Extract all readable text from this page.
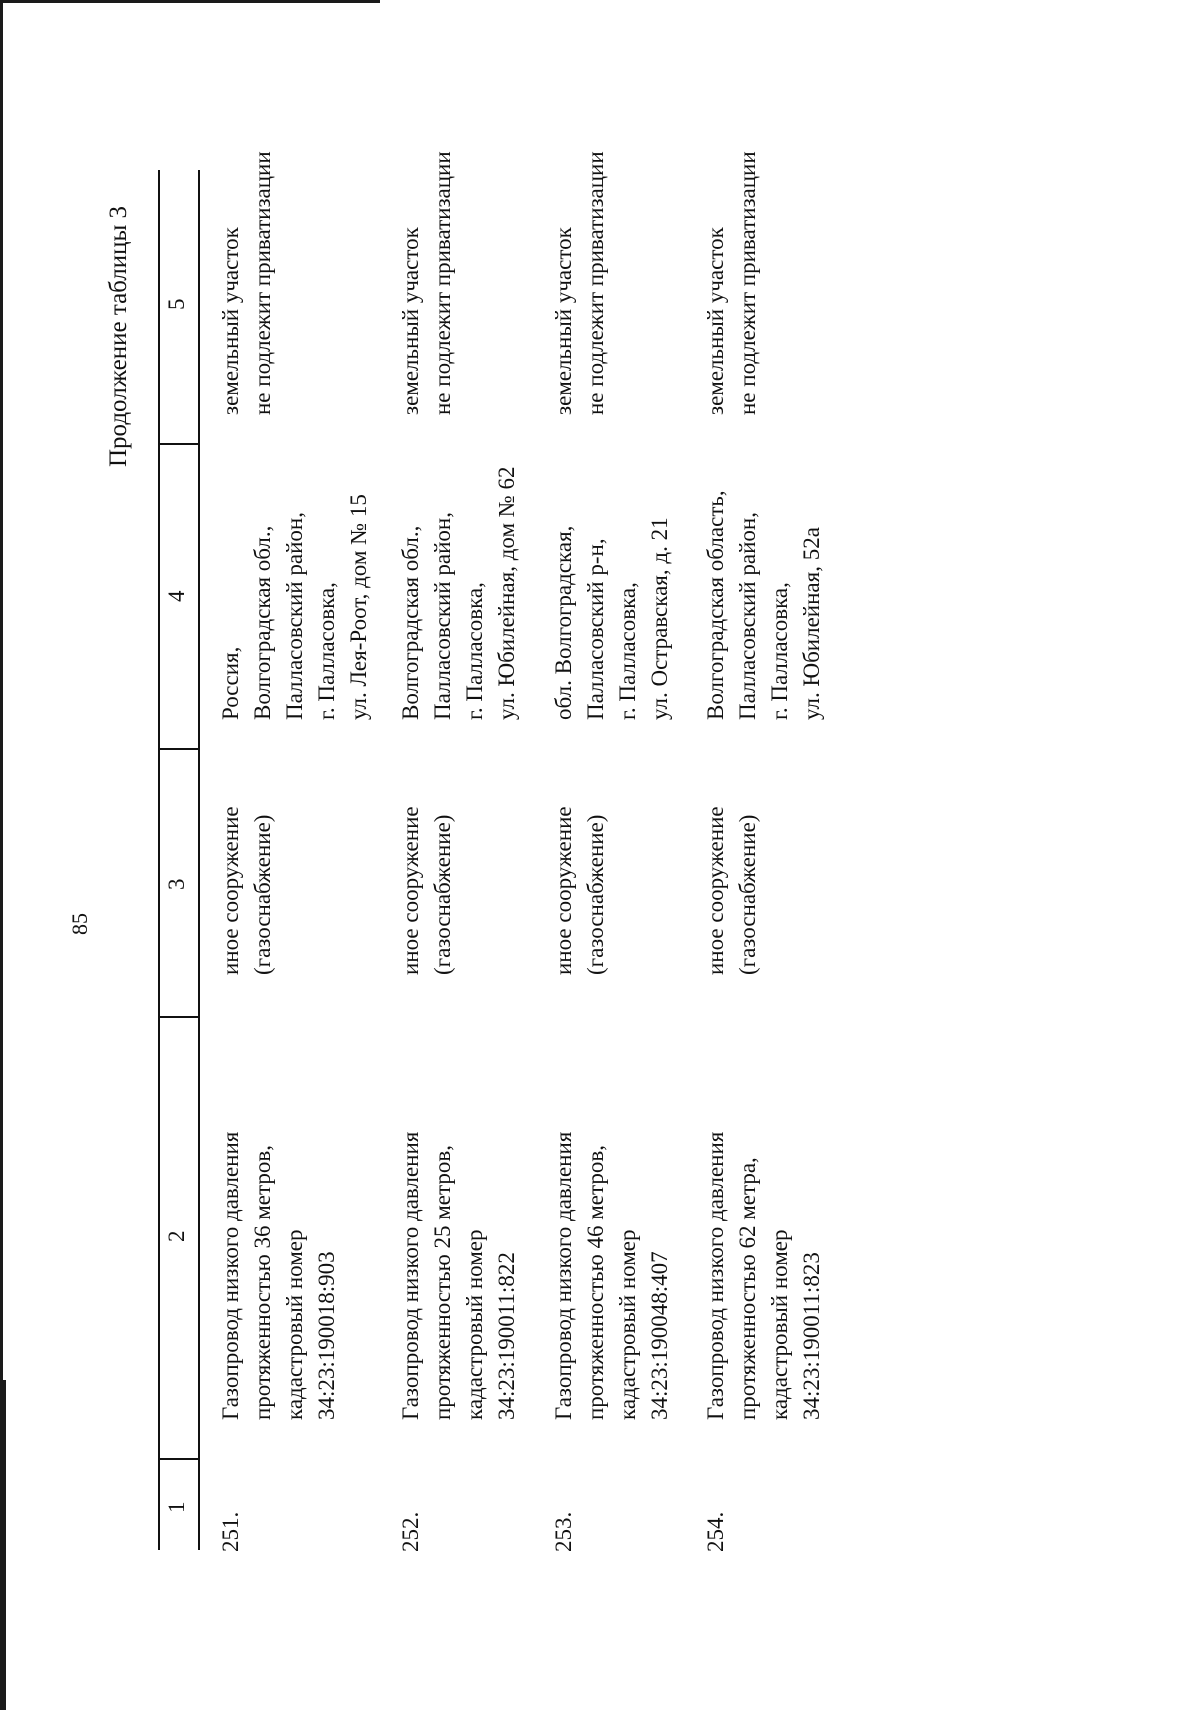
85
Продолжение таблицы 3
1
2
3
4
5
251.
Газопровод низкого давления протяженностью 36 метров, кадастровый номер 34:23:190018:903
иное сооружение (газоснабжение)
Россия, Волгоградская обл., Палласовский район, г. Палласовка, ул. Лея-Роот, дом № 15
земельный участок не подлежит приватизации
252.
Газопровод низкого давления протяженностью 25 метров, кадастровый номер 34:23:190011:822
иное сооружение (газоснабжение)
Волгоградская обл., Палласовский район, г. Палласовка, ул. Юбилейная, дом № 62
земельный участок не подлежит приватизации
253.
Газопровод низкого давления протяженностью 46 метров, кадастровый номер 34:23:190048:407
иное сооружение (газоснабжение)
обл. Волгоградская, Палласовский р-н, г. Палласовка, ул. Остравская, д. 21
земельный участок не подлежит приватизации
254.
Газопровод низкого давления протяженностью 62 метра, кадастровый номер 34:23:190011:823
иное сооружение (газоснабжение)
Волгоградская область, Палласовский район, г. Палласовка, ул. Юбилейная, 52а
земельный участок не подлежит приватизации
